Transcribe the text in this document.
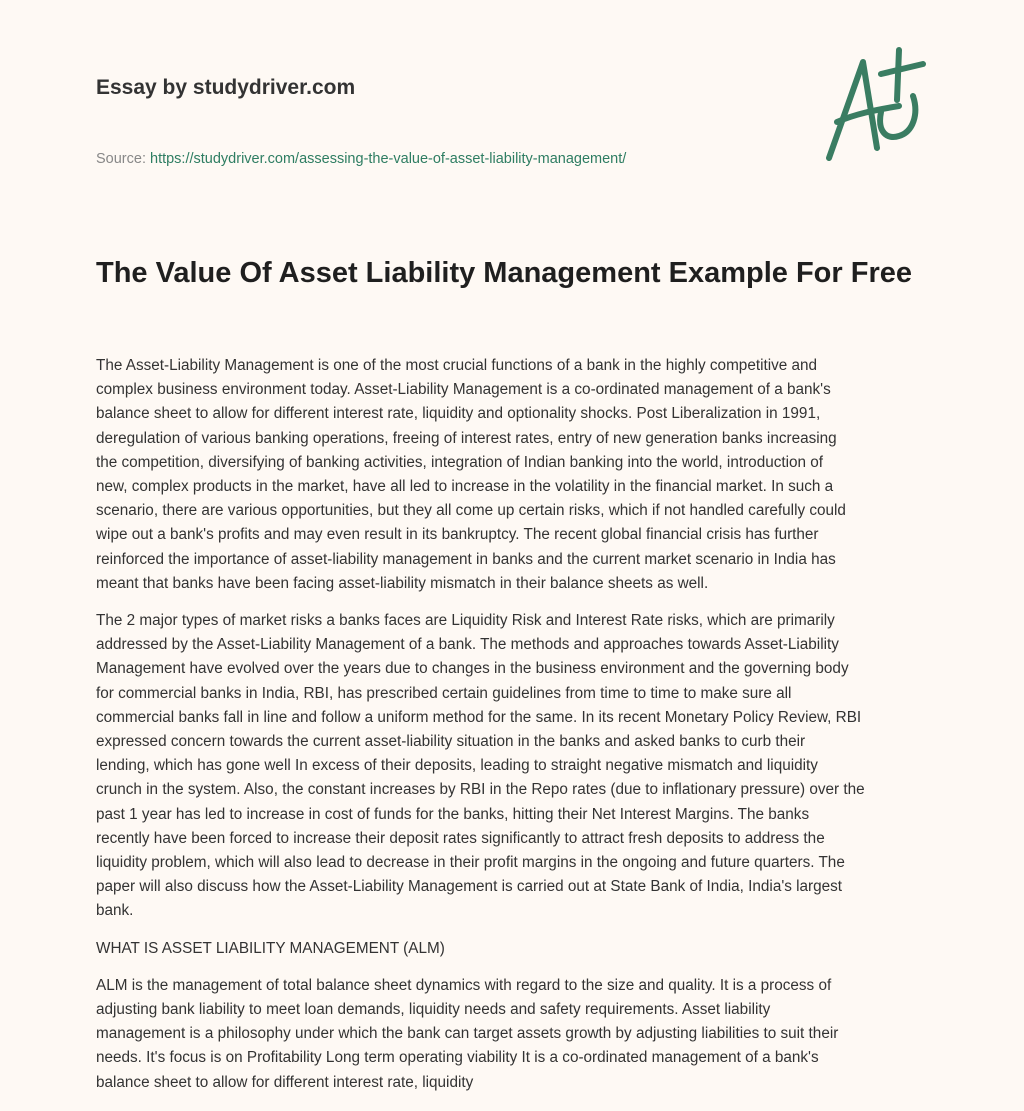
Essay by studydriver.com
Source: https://studydriver.com/assessing-the-value-of-asset-liability-management/
The Value Of Asset Liability Management Example For Free

The Asset-Liability Management is one of the most crucial functions of a bank in the highly competitive and
complex business environment today. Asset-Liability Management is a co-ordinated management of a bank's
balance sheet to allow for different interest rate, liquidity and optionality shocks. Post Liberalization in 1991,
deregulation of various banking operations, freeing of interest rates, entry of new generation banks increasing
the competition, diversifying of banking activities, integration of Indian banking into the world, introduction of
new, complex products in the market, have all led to increase in the volatility in the financial market. In such a
scenario, there are various opportunities, but they all come up certain risks, which if not handled carefully could
wipe out a bank's profits and may even result in its bankruptcy. The recent global financial crisis has further
reinforced the importance of asset-liability management in banks and the current market scenario in India has
meant that banks have been facing asset-liability mismatch in their balance sheets as well.

The 2 major types of market risks a banks faces are Liquidity Risk and Interest Rate risks, which are primarily
addressed by the Asset-Liability Management of a bank. The methods and approaches towards Asset-Liability
Management have evolved over the years due to changes in the business environment and the governing body
for commercial banks in India, RBI, has prescribed certain guidelines from time to time to make sure all
commercial banks fall in line and follow a uniform method for the same. In its recent Monetary Policy Review, RBI
expressed concern towards the current asset-liability situation in the banks and asked banks to curb their
lending, which has gone well In excess of their deposits, leading to straight negative mismatch and liquidity
crunch in the system. Also, the constant increases by RBI in the Repo rates (due to inflationary pressure) over the
past 1 year has led to increase in cost of funds for the banks, hitting their Net Interest Margins. The banks
recently have been forced to increase their deposit rates significantly to attract fresh deposits to address the
liquidity problem, which will also lead to decrease in their profit margins in the ongoing and future quarters. The
paper will also discuss how the Asset-Liability Management is carried out at State Bank of India, India's largest
bank.

WHAT IS ASSET LIABILITY MANAGEMENT (ALM)

ALM is the management of total balance sheet dynamics with regard to the size and quality. It is a process of
adjusting bank liability to meet loan demands, liquidity needs and safety requirements. Asset liability
management is a philosophy under which the bank can target assets growth by adjusting liabilities to suit their
needs. It's focus is on Profitability Long term operating viability It is a co-ordinated management of a bank's
balance sheet to allow for different interest rate, liquidity
